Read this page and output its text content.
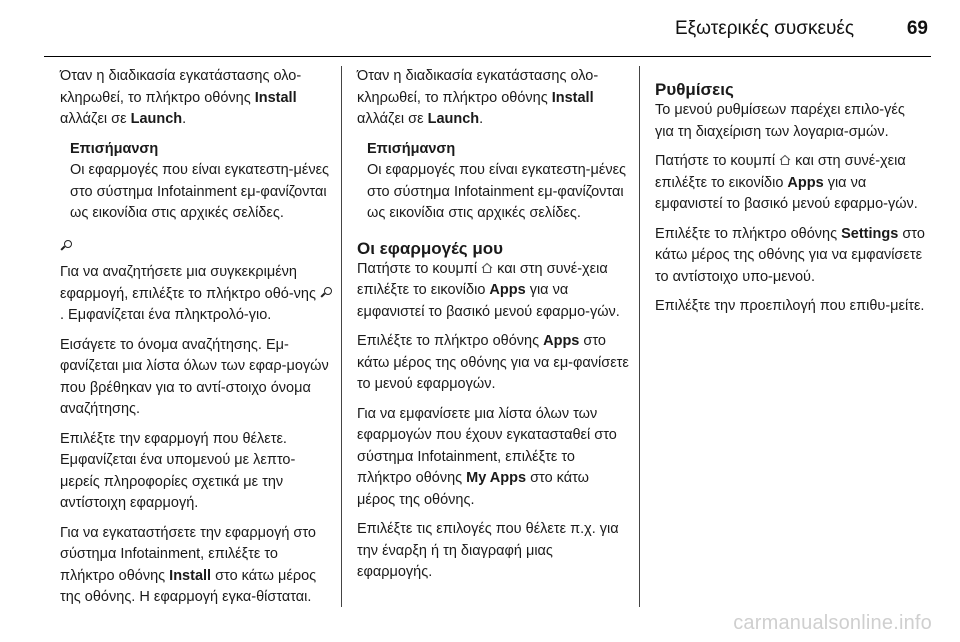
Εξωτερικές συσκευές	69

Όταν η διαδικασία εγκατάστασης ολο-κληρωθεί, το πλήκτρο οθόνης Install αλλάζει σε Launch.

Επισήμανση
Οι εφαρμογές που είναι εγκατεστη-μένες στο σύστημα Infotainment εμ-φανίζονται ως εικονίδια στις αρχικές σελίδες.

Για να αναζητήσετε μια συγκεκριμένη εφαρμογή, επιλέξτε το πλήκτρο οθό-νης . Εμφανίζεται ένα πληκτρολό-γιο.

Εισάγετε το όνομα αναζήτησης. Εμ-φανίζεται μια λίστα όλων των εφαρ-μογών που βρέθηκαν για το αντί-στοιχο όνομα αναζήτησης.

Επιλέξτε την εφαρμογή που θέλετε. Εμφανίζεται ένα υπομενού με λεπτο-μερείς πληροφορίες σχετικά με την αντίστοιχη εφαρμογή.

Για να εγκαταστήσετε την εφαρμογή στο σύστημα Infotainment, επιλέξτε το πλήκτρο οθόνης Install στο κάτω μέρος της οθόνης. Η εφαρμογή εγκα-θίσταται.

Όταν η διαδικασία εγκατάστασης ολο-κληρωθεί, το πλήκτρο οθόνης Install αλλάζει σε Launch.

Επισήμανση
Οι εφαρμογές που είναι εγκατεστη-μένες στο σύστημα Infotainment εμ-φανίζονται ως εικονίδια στις αρχικές σελίδες.
Οι εφαρμογές μου

Πατήστε το κουμπί  και στη συνέ-χεια επιλέξτε το εικονίδιο Apps για να εμφανιστεί το βασικό μενού εφαρμο-γών.

Επιλέξτε το πλήκτρο οθόνης Apps στο κάτω μέρος της οθόνης για να εμ-φανίσετε το μενού εφαρμογών.

Για να εμφανίσετε μια λίστα όλων των εφαρμογών που έχουν εγκατασταθεί στο σύστημα Infotainment, επιλέξτε το πλήκτρο οθόνης My Apps στο κάτω μέρος της οθόνης.

Επιλέξτε τις επιλογές που θέλετε π.χ. για την έναρξη ή τη διαγραφή μιας εφαρμογής.

Ρυθμίσεις

Το μενού ρυθμίσεων παρέχει επιλο-γές για τη διαχείριση των λογαρια-σμών.

Πατήστε το κουμπί  και στη συνέ-χεια επιλέξτε το εικονίδιο Apps για να εμφανιστεί το βασικό μενού εφαρμο-γών.

Επιλέξτε το πλήκτρο οθόνης Settings στο κάτω μέρος της οθόνης για να εμφανίσετε το αντίστοιχο υπο-μενού.

Επιλέξτε την προεπιλογή που επιθυ-μείτε.

carmanualsonline.info
